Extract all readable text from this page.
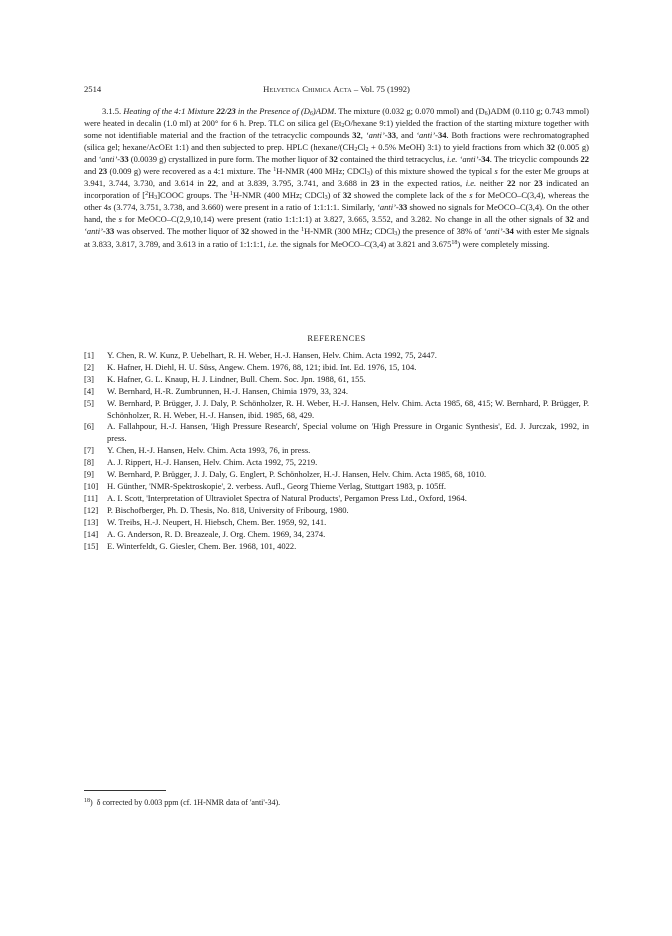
2514	Helvetica Chimica Acta – Vol. 75 (1992)

3.1.5. Heating of the 4:1 Mixture 22/23 in the Presence of $(D_6)ADM$. The mixture (0.032 g; 0.070 mmol) and $(D_6)ADM$ (0.110 g; 0.743 mmol) were heated in decalin (1.0 ml) at 200° for 6 h. Prep. TLC on silica gel ($Et_2O$/hexane 9:1) yielded the fraction of the starting mixture together with some not identifiable material and the fraction of the tetracyclic compounds 32, ‘anti’-33, and ‘anti’-34. Both fractions were rechromatographed (silica gel; hexane/AcOEt 1:1) and then subjected to prep. HPLC ($hexane/(CH_2Cl_2 + 0.5\%$ MeOH) 3:1) to yield fractions from which 32 (0.005 g) and ‘anti’-33 (0.0039 g) crystallized in pure form. The mother liquor of 32 contained the third tetracyclus, i.e. ‘anti’-34. The tricyclic compounds 22 and 23 (0.009 g) were recovered as a 4:1 mixture. The $^1$H-NMR (400 MHz; CDCl$_3$) of this mixture showed the typical s for the ester Me groups at 3.941, 3.744, 3.730, and 3.614 in 22, and at 3.839, 3.795, 3.741, and 3.688 in 23 in the expected ratios, i.e. neither 22 nor 23 indicated an incorporation of $[^2H_3]COOC$ groups. The $^1$H-NMR (400 MHz; CDCl$_3$) of 32 showed the complete lack of the s for MeOCO–C(3,4), whereas the other 4s (3.774, 3.751, 3.738, and 3.660) were present in a ratio of 1:1:1:1. Similarly, ‘anti’-33 showed no signals for MeOCO–C(3,4). On the other hand, the s for MeOCO–C(2,9,10,14) were present (ratio 1:1:1:1) at 3.827, 3.665, 3.552, and 3.282. No change in all the other signals of 32 and ‘anti’-33 was observed. The mother liquor of 32 showed in the $^1$H-NMR (300 MHz; CDCl$_3$) the presence of 38% of ‘anti’-34 with ester Me signals at 3.833, 3.817, 3.789, and 3.613 in a ratio of 1:1:1:1, i.e. the signals for MeOCO–C(3,4) at 3.821 and 3.675$^{18}$) were completely missing.

REFERENCES
[1] Y. Chen, R. W. Kunz, P. Uebelhart, R. H. Weber, H.-J. Hansen, Helv. Chim. Acta 1992, 75, 2447.
[2] K. Hafner, H. Diehl, H. U. Süss, Angew. Chem. 1976, 88, 121; ibid. Int. Ed. 1976, 15, 104.
[3] K. Hafner, G. L. Knaup, H. J. Lindner, Bull. Chem. Soc. Jpn. 1988, 61, 155.
[4] W. Bernhard, H.-R. Zumbrunnen, H.-J. Hansen, Chimia 1979, 33, 324.
[5] W. Bernhard, P. Brügger, J. J. Daly, P. Schönholzer, R. H. Weber, H.-J. Hansen, Helv. Chim. Acta 1985, 68, 415; W. Bernhard, P. Brügger, P. Schönholzer, R. H. Weber, H.-J. Hansen, ibid. 1985, 68, 429.
[6] A. Fallahpour, H.-J. Hansen, 'High Pressure Research', Special volume on 'High Pressure in Organic Synthesis', Ed. J. Jurczak, 1992, in press.
[7] Y. Chen, H.-J. Hansen, Helv. Chim. Acta 1993, 76, in press.
[8] A. J. Rippert, H.-J. Hansen, Helv. Chim. Acta 1992, 75, 2219.
[9] W. Bernhard, P. Brügger, J. J. Daly, G. Englert, P. Schönholzer, H.-J. Hansen, Helv. Chim. Acta 1985, 68, 1010.
[10] H. Günther, 'NMR-Spektroskopie', 2. verbess. Aufl., Georg Thieme Verlag, Stuttgart 1983, p. 105ff.
[11] A. I. Scott, 'Interpretation of Ultraviolet Spectra of Natural Products', Pergamon Press Ltd., Oxford, 1964.
[12] P. Bischofberger, Ph. D. Thesis, No. 818, University of Fribourg, 1980.
[13] W. Treibs, H.-J. Neupert, H. Hiebsch, Chem. Ber. 1959, 92, 141.
[14] A. G. Anderson, R. D. Breazeale, J. Org. Chem. 1969, 34, 2374.
[15] E. Winterfeldt, G. Giesler, Chem. Ber. 1968, 101, 4022.
$^{18}$)  δ corrected by 0.003 ppm (cf. 1H-NMR data of 'anti'-34).
